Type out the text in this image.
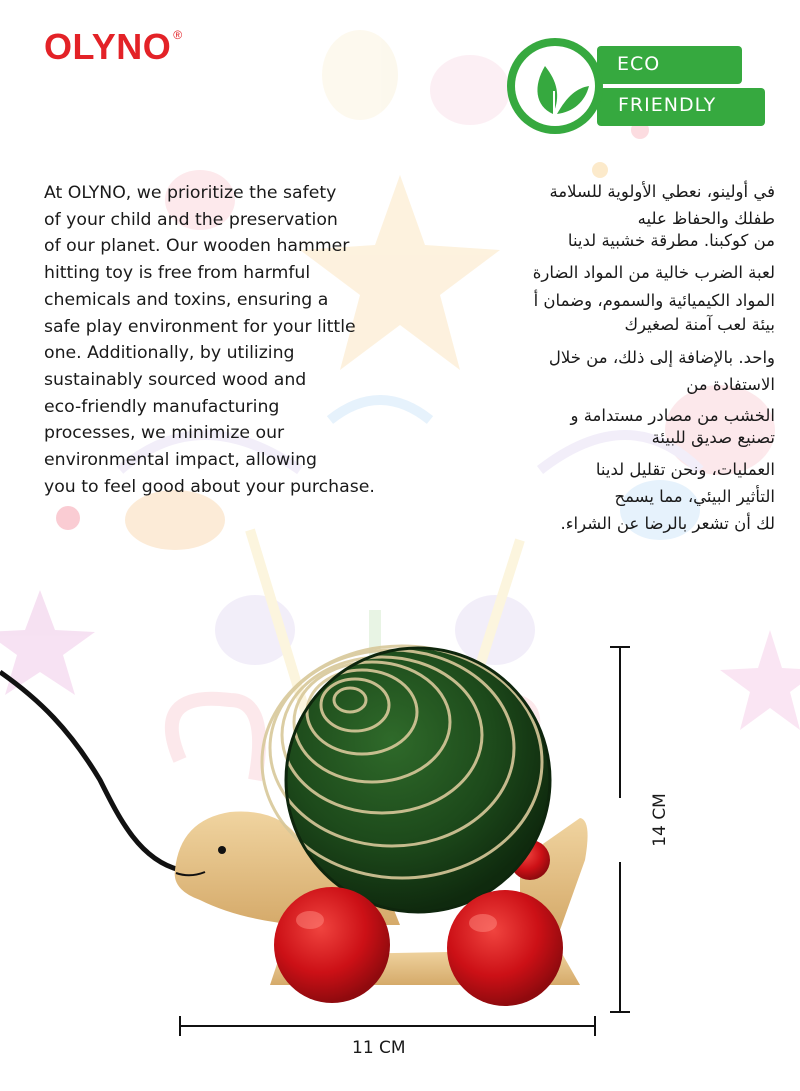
OLYNO ®
ECO
FRIENDLY
At OLYNO, we prioritize the safety
of your child and the preservation
of our planet. Our wooden hammer
hitting toy is free from harmful
chemicals and toxins, ensuring a
safe play environment for your little
one. Additionally, by utilizing
sustainably sourced wood and
eco-friendly manufacturing
processes, we minimize our
environmental impact, allowing
you to feel good about your purchase.
في أولينو، نعطي الأولوية للسلامة
طفلك والحفاظ عليه
من كوكبنا. مطرقة خشبية لدينا
لعبة الضرب خالية من المواد الضارة
المواد الكيميائية والسموم، وضمان أ
بيئة لعب آمنة لصغيرك
واحد. بالإضافة إلى ذلك، من خلال
الاستفادة من
الخشب من مصادر مستدامة و
تصنيع صديق للبيئة
العمليات، ونحن تقليل لدينا
التأثير البيئي، مما يسمح
لك أن تشعر بالرضا عن الشراء.
14 CM
11 CM
